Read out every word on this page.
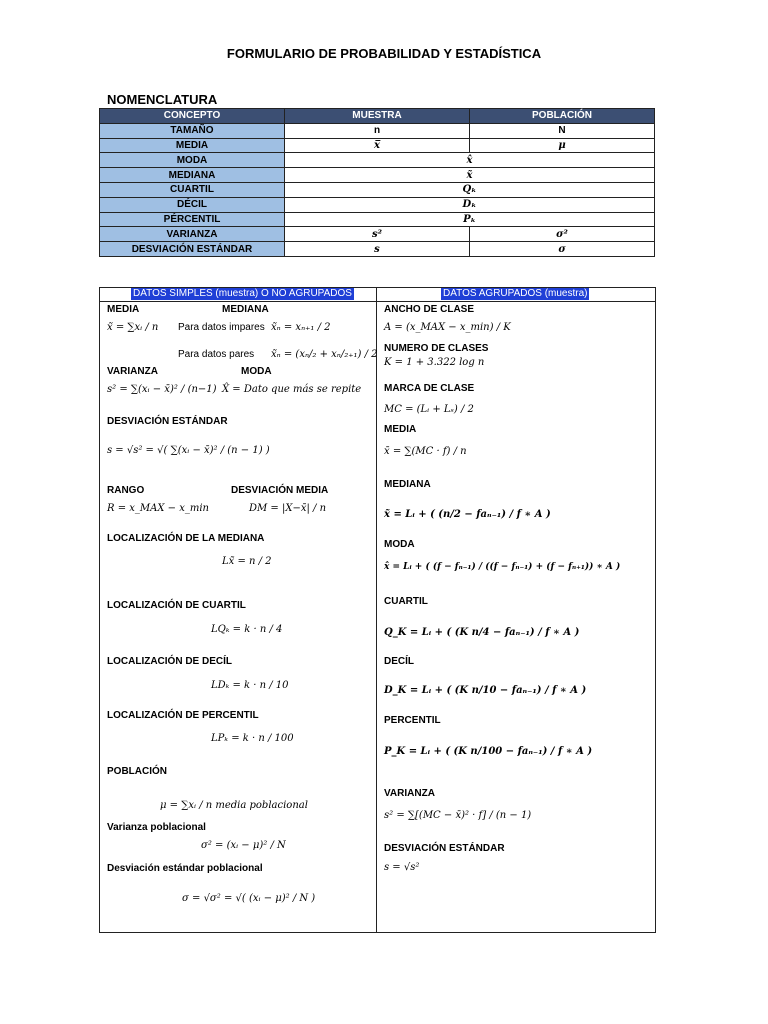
FORMULARIO DE PROBABILIDAD Y ESTADÍSTICA
NOMENCLATURA
CONCEPTO	MUESTRA	POBLACIÓN
TAMAÑO	n	N
MEDIA	x̅	μ
MODA	x̂	
MEDIANA	x̃	
CUARTIL	Qₖ	
DÉCIL	Dₖ	
PÉRCENTIL	Pₖ	
VARIANZA	s²	σ²
DESVIACIÓN ESTÁNDAR	s	σ
DATOS SIMPLES (muestra) O NO AGRUPADOS	DATOS AGRUPADOS (muestra)
MEDIA	MEDIANA
x̃ = ∑xᵢ / n Para datos impares x̃ₙ = xₙ₊₁ / 2
Para datos pares x̃ₙ = (xₙ/₂ + xₙ/₂₊₁) / 2
VARIANZA	MODA
s² = ∑(xᵢ − x̄)² / (n−1) X̂ = Dato que más se repite
DESVIACIÓN ESTÁNDAR
s = √s² = √( ∑(xᵢ − x̄)² / (n − 1) )
RANGO	DESVIACIÓN MEDIA
R = x_MAX − x_min	DM = |X−x̄| / n
LOCALIZACIÓN DE LA MEDIANA
Lx̃ = n / 2
LOCALIZACIÓN DE CUARTIL
LQₖ = k · n / 4
LOCALIZACIÓN DE DECÍL
LDₖ = k · n / 10
LOCALIZACIÓN DE PERCENTIL
LPₖ = k · n / 100
POBLACIÓN
μ = ∑xᵢ / n media poblacional
Varianza poblacional
σ² = (xᵢ − μ)² / N
Desviación estándar poblacional
σ = √σ² = √( (xᵢ − μ)² / N )
ANCHO DE CLASE
A = (x_MAX − x_min) / K
NUMERO DE CLASES
K = 1 + 3.322 log n
MARCA DE CLASE
MC = (Lᵢ + Lₛ) / 2
MEDIA
x̄ = ∑(MC · f) / n
MEDIANA
x̃ = Lᵢ + ( (n/2 − faₙ₋₁) / f ∗ A )
MODA
x̂ = Lᵢ + ( (f − fₙ₋₁) / ((f − fₙ₋₁) + (f − fₙ₊₁)) ∗ A )
CUARTIL
Q_K = Lᵢ + ( (K n/4 − faₙ₋₁) / f ∗ A )
DECÍL
D_K = Lᵢ + ( (K n/10 − faₙ₋₁) / f ∗ A )
PERCENTIL
P_K = Lᵢ + ( (K n/100 − faₙ₋₁) / f ∗ A )
VARIANZA
s² = ∑[(MC − x̄)² · f] / (n − 1)
DESVIACIÓN ESTÁNDAR
s = √s²
